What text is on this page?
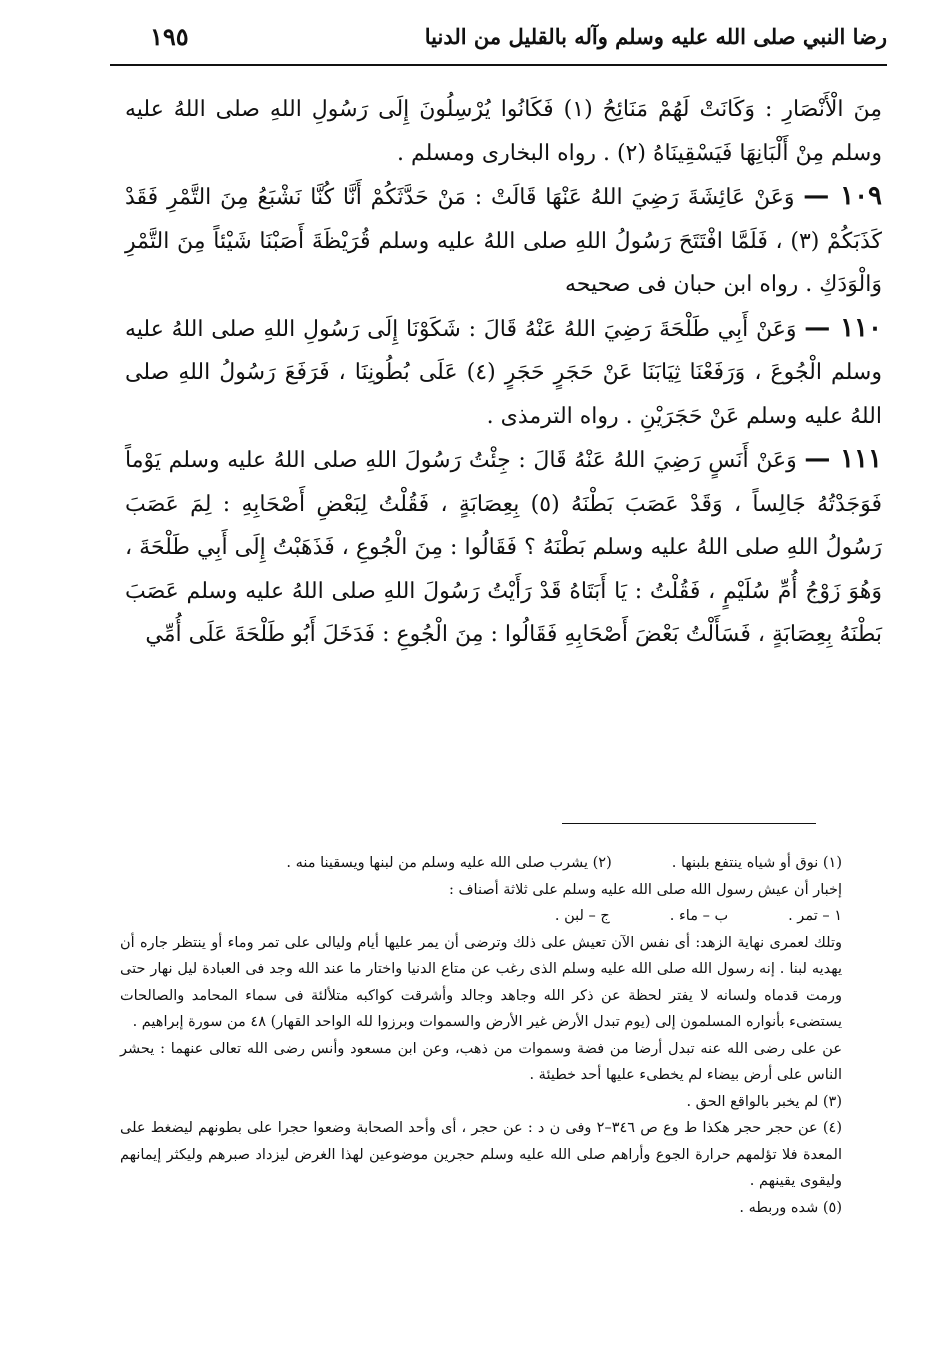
رضا النبي صلى الله عليه وسلم وآله بالقليل من الدنيا
١٩٥

مِنَ الْأَنْصَارِ : وَكَانَتْ لَهُمْ مَنَائِحُ (١) فَكَانُوا يُرْسِلُونَ إِلَى رَسُولِ اللهِ صلى اللهُ عليه وسلم مِنْ أَلْبَانِهَا فَيَسْقِينَاهُ (٢) . رواه البخارى ومسلم .

١٠٩ — وَعَنْ عَائِشَةَ رَضِيَ اللهُ عَنْهَا قَالَتْ : مَنْ حَدَّثَكُمْ أَنَّا كُنَّا نَشْبَعُ مِنَ التَّمْرِ فَقَدْ كَذَبَكُمْ (٣) ، فَلَمَّا افْتَتَحَ رَسُولُ اللهِ صلى اللهُ عليه وسلم قُرَيْظَةَ أَصَبْنَا شَيْئاً مِنَ التَّمْرِ وَالْوَدَكِ . رواه ابن حبان فى صحيحه

١١٠ — وَعَنْ أَبِي طَلْحَةَ رَضِيَ اللهُ عَنْهُ قَالَ : شَكَوْنَا إِلَى رَسُولِ اللهِ صلى اللهُ عليه وسلم الْجُوعَ ، وَرَفَعْنَا ثِيَابَنَا عَنْ حَجَرٍ حَجَرٍ (٤) عَلَى بُطُونِنَا ، فَرَفَعَ رَسُولُ اللهِ صلى اللهُ عليه وسلم عَنْ حَجَرَيْنِ . رواه الترمذى .

١١١ — وَعَنْ أَنَسٍ رَضِيَ اللهُ عَنْهُ قَالَ : جِئْتُ رَسُولَ اللهِ صلى اللهُ عليه وسلم يَوْماً فَوَجَدْتُهُ جَالِساً ، وَقَدْ عَصَبَ بَطْنَهُ (٥) بِعِصَابَةٍ ، فَقُلْتُ لِبَعْضِ أَصْحَابِهِ : لِمَ عَصَبَ رَسُولُ اللهِ صلى اللهُ عليه وسلم بَطْنَهُ ؟ فَقَالُوا : مِنَ الْجُوعِ ، فَذَهَبْتُ إِلَى أَبِي طَلْحَةَ ، وَهُوَ زَوْجُ أُمِّ سُلَيْمٍ ، فَقُلْتُ : يَا أَبَتَاهُ قَدْ رَأَيْتُ رَسُولَ اللهِ صلى اللهُ عليه وسلم عَصَبَ بَطْنَهُ بِعِصَابَةٍ ، فَسَأَلْتُ بَعْضَ أَصْحَابِهِ فَقَالُوا : مِنَ الْجُوعِ : فَدَخَلَ أَبُو طَلْحَةَ عَلَى أُمِّي

(١) نوق أو شياه ينتفع بلبنها .
(٢) يشرب صلى الله عليه وسلم من لبنها ويسقينا منه .

إخبار أن عيش رسول الله صلى الله عليه وسلم على ثلاثة أصناف :

١ – تمر .
ب – ماء .
ج – لبن .

وتلك لعمرى نهاية الزهد: أى نفس الآن تعيش على ذلك وترضى أن يمر عليها أيام وليالى على تمر وماء أو ينتظر جاره أن يهديه لبنا . إنه رسول الله صلى الله عليه وسلم الذى رغب عن متاع الدنيا واختار ما عند الله وجد فى العبادة ليل نهار حتى ورمت قدماه ولسانه لا يفتر لحظة عن ذكر الله وجاهد وجالد وأشرقت كواكبه متلألئة فى سماء المحامد والصالحات يستضىء بأنواره المسلمون إلى (يوم تبدل الأرض غير الأرض والسموات وبرزوا لله الواحد القهار) ٤٨ من سورة إبراهيم .

عن على رضى الله عنه تبدل أرضا من فضة وسموات من ذهب، وعن ابن مسعود وأنس رضى الله تعالى عنهما : يحشر الناس على أرض بيضاء لم يخطىء عليها أحد خطيئة .

(٣) لم يخبر بالواقع الحق .

(٤) عن حجر حجر هكذا ط وع ص ٣٤٦–٢ وفى ن د : عن حجر ، أى وأحد الصحابة وضعوا حجرا على بطونهم ليضغط على المعدة فلا تؤلمهم حرارة الجوع وأراهم صلى الله عليه وسلم حجرين موضوعين لهذا الغرض ليزداد صبرهم وليكثر إيمانهم وليقوى يقينهم .

(٥) شده وربطه .
